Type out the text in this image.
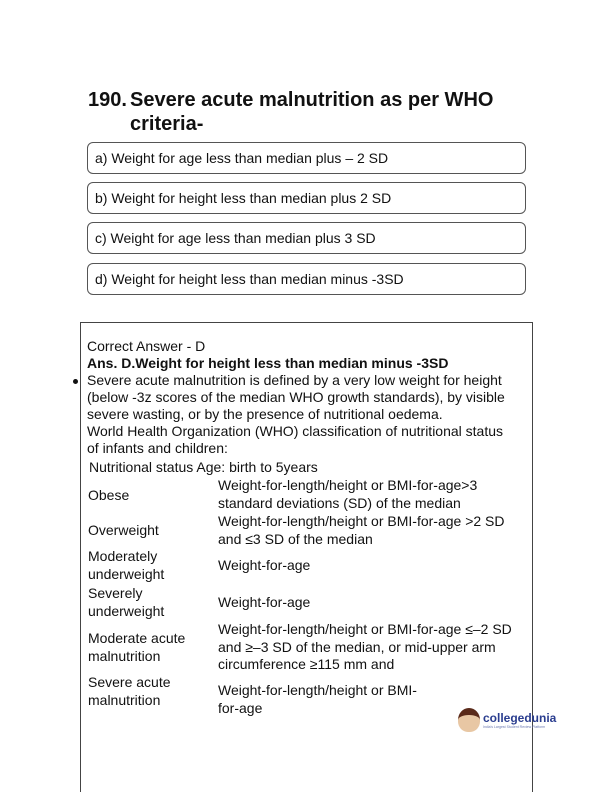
190. Severe acute malnutrition as per WHO criteria-
a) Weight for age less than median plus – 2 SD
b) Weight for height less than median plus 2 SD
c) Weight for age less than median plus 3 SD
d) Weight for height less than median minus -3SD
Correct Answer - D
Ans. D.Weight for height less than median minus -3SD
Severe acute malnutrition is defined by a very low weight for height
(below -3z scores of the median WHO growth standards), by visible
severe wasting, or by the presence of nutritional oedema.
World Health Organization (WHO) classification of nutritional status
of infants and children:
Nutritional status Age: birth to 5years
Obese
Weight-for-length/height or BMI-for-age>3
standard deviations (SD) of the median
Overweight
Weight-for-length/height or BMI-for-age >2 SD
and ≤3 SD of the median
Moderately
underweight
Weight-for-age
Severely
underweight
Weight-for-age
Moderate acute
malnutrition
Weight-for-length/height or BMI-for-age ≤–2 SD
and ≥–3 SD of the median, or mid-upper arm
circumference ≥115 mm and
Severe acute
malnutrition
Weight-for-length/height or BMI-
for-age
collegedunia
India's Largest Student Review Platform
